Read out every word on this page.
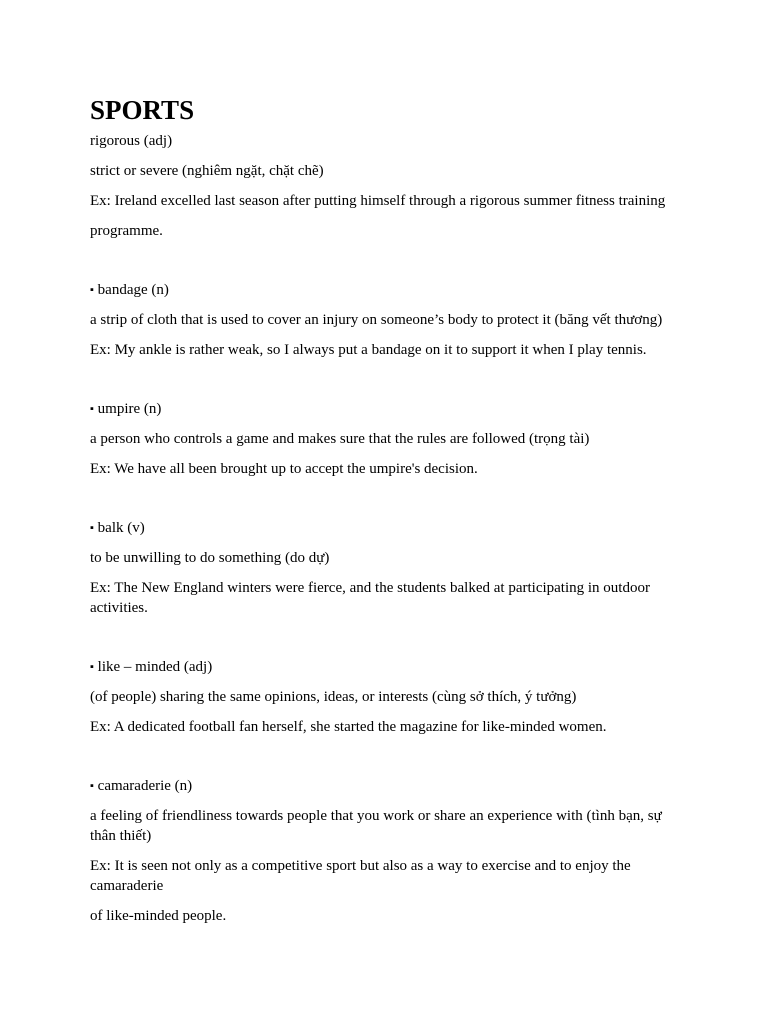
SPORTS

rigorous (adj)

strict or severe (nghiêm ngặt, chặt chẽ)

Ex: Ireland excelled last season after putting himself through a rigorous summer fitness training

programme.

▪ bandage (n)

a strip of cloth that is used to cover an injury on someone’s body to protect it (băng vết thương)

Ex: My ankle is rather weak, so I always put a bandage on it to support it when I play tennis.

▪ umpire (n)

a person who controls a game and makes sure that the rules are followed (trọng tài)

Ex: We have all been brought up to accept the umpire's decision.

▪ balk (v)

to be unwilling to do something (do dự)

Ex: The New England winters were fierce, and the students balked at participating in outdoor activities.

▪ like – minded (adj)

(of people) sharing the same opinions, ideas, or interests (cùng sở thích, ý tưởng)

Ex: A dedicated football fan herself, she started the magazine for like-minded women.

▪ camaraderie (n)

a feeling of friendliness towards people that you work or share an experience with (tình bạn, sự thân thiết)

Ex: It is seen not only as a competitive sport but also as a way to exercise and to enjoy the camaraderie

of like-minded people.
